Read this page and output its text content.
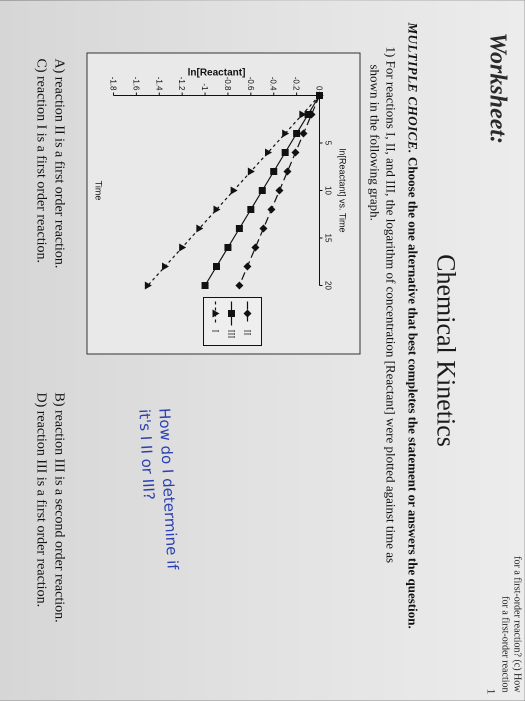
for a first-order reaction? (c) How
for a first-order reaction
1
Worksheet:
Chemical Kinetics
MULTIPLE CHOICE. Choose the one alternative that best completes the statement or answers the question.
1) For reactions I, II, and III, the logarithm of concentration [Reactant] were plotted against time as
shown in the following graph.
ln[Reactant] vs. Time
0
-0.2
-0.4
-0.6
-0.8
-1
-1.2
-1.4
-1.6
-1.8
5
10
15
20
ln[Reactant]
Time
II
III
I
How do I determine if
it's I II or III?
A) reaction II is a first order reaction.
B) reaction III is a second order reaction.
C) reaction I is a first order reaction.
D) reaction III is a first order reaction.
